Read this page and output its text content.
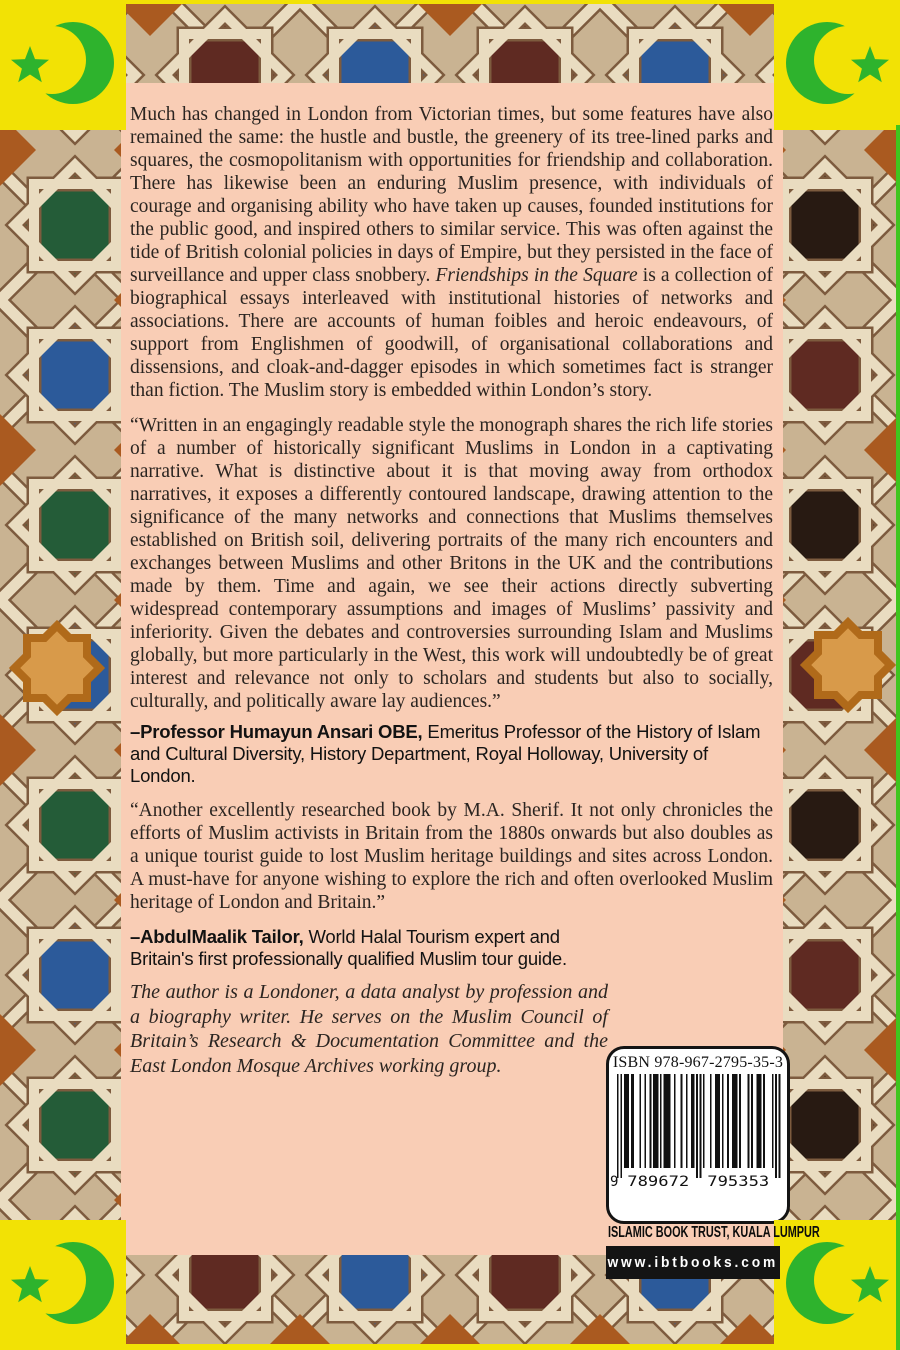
Much has changed in London from Victorian times, but some features have also remained the same: the hustle and bustle, the greenery of its tree-lined parks and squares, the cosmopolitanism with opportunities for friendship and collaboration. There has likewise been an enduring Muslim presence, with individuals of courage and organising ability who have taken up causes, founded institutions for the public good, and inspired others to similar service. This was often against the tide of British colonial policies in days of Empire, but they persisted in the face of surveillance and upper class snobbery. Friendships in the Square is a collection of biographical essays interleaved with institutional histories of networks and associations. There are accounts of human foibles and heroic endeavours, of support from Englishmen of goodwill, of organisational collaborations and dissensions, and cloak-and-dagger episodes in which sometimes fact is stranger than fiction. The Muslim story is embedded within London’s story.

“Written in an engagingly readable style the monograph shares the rich life stories of a number of historically significant Muslims in London in a captivating narrative. What is distinctive about it is that moving away from orthodox narratives, it exposes a differently contoured landscape, drawing attention to the significance of the many networks and connections that Muslims themselves established on British soil, delivering portraits of the many rich encounters and exchanges between Muslims and other Britons in the UK and the contributions made by them. Time and again, we see their actions directly subverting widespread contemporary assumptions and images of Muslims’ passivity and inferiority. Given the debates and controversies surrounding Islam and Muslims globally, but more particularly in the West, this work will undoubtedly be of great interest and relevance not only to scholars and students but also to socially, culturally, and politically aware lay audiences.”

–Professor Humayun Ansari OBE, Emeritus Professor of the History of Islam and Cultural Diversity, History Department, Royal Holloway, University of London.

“Another excellently researched book by M.A. Sherif. It not only chronicles the efforts of Muslim activists in Britain from the 1880s onwards but also doubles as a unique tourist guide to lost Muslim heritage buildings and sites across London. A must-have for anyone wishing to explore the rich and often overlooked Muslim heritage of London and Britain.”

–AbdulMaalik Tailor, World Halal Tourism expert and Britain's first professionally qualified Muslim tour guide.

The author is a Londoner, a data analyst by profession and a biography writer. He serves on the Muslim Council of Britain’s Research & Documentation Committee and the East London Mosque Archives working group.	ISBN 978-967-2795-35-3
9 789672 795353
ISLAMIC BOOK TRUST, KUALA LUMPUR
www.ibtbooks.com
